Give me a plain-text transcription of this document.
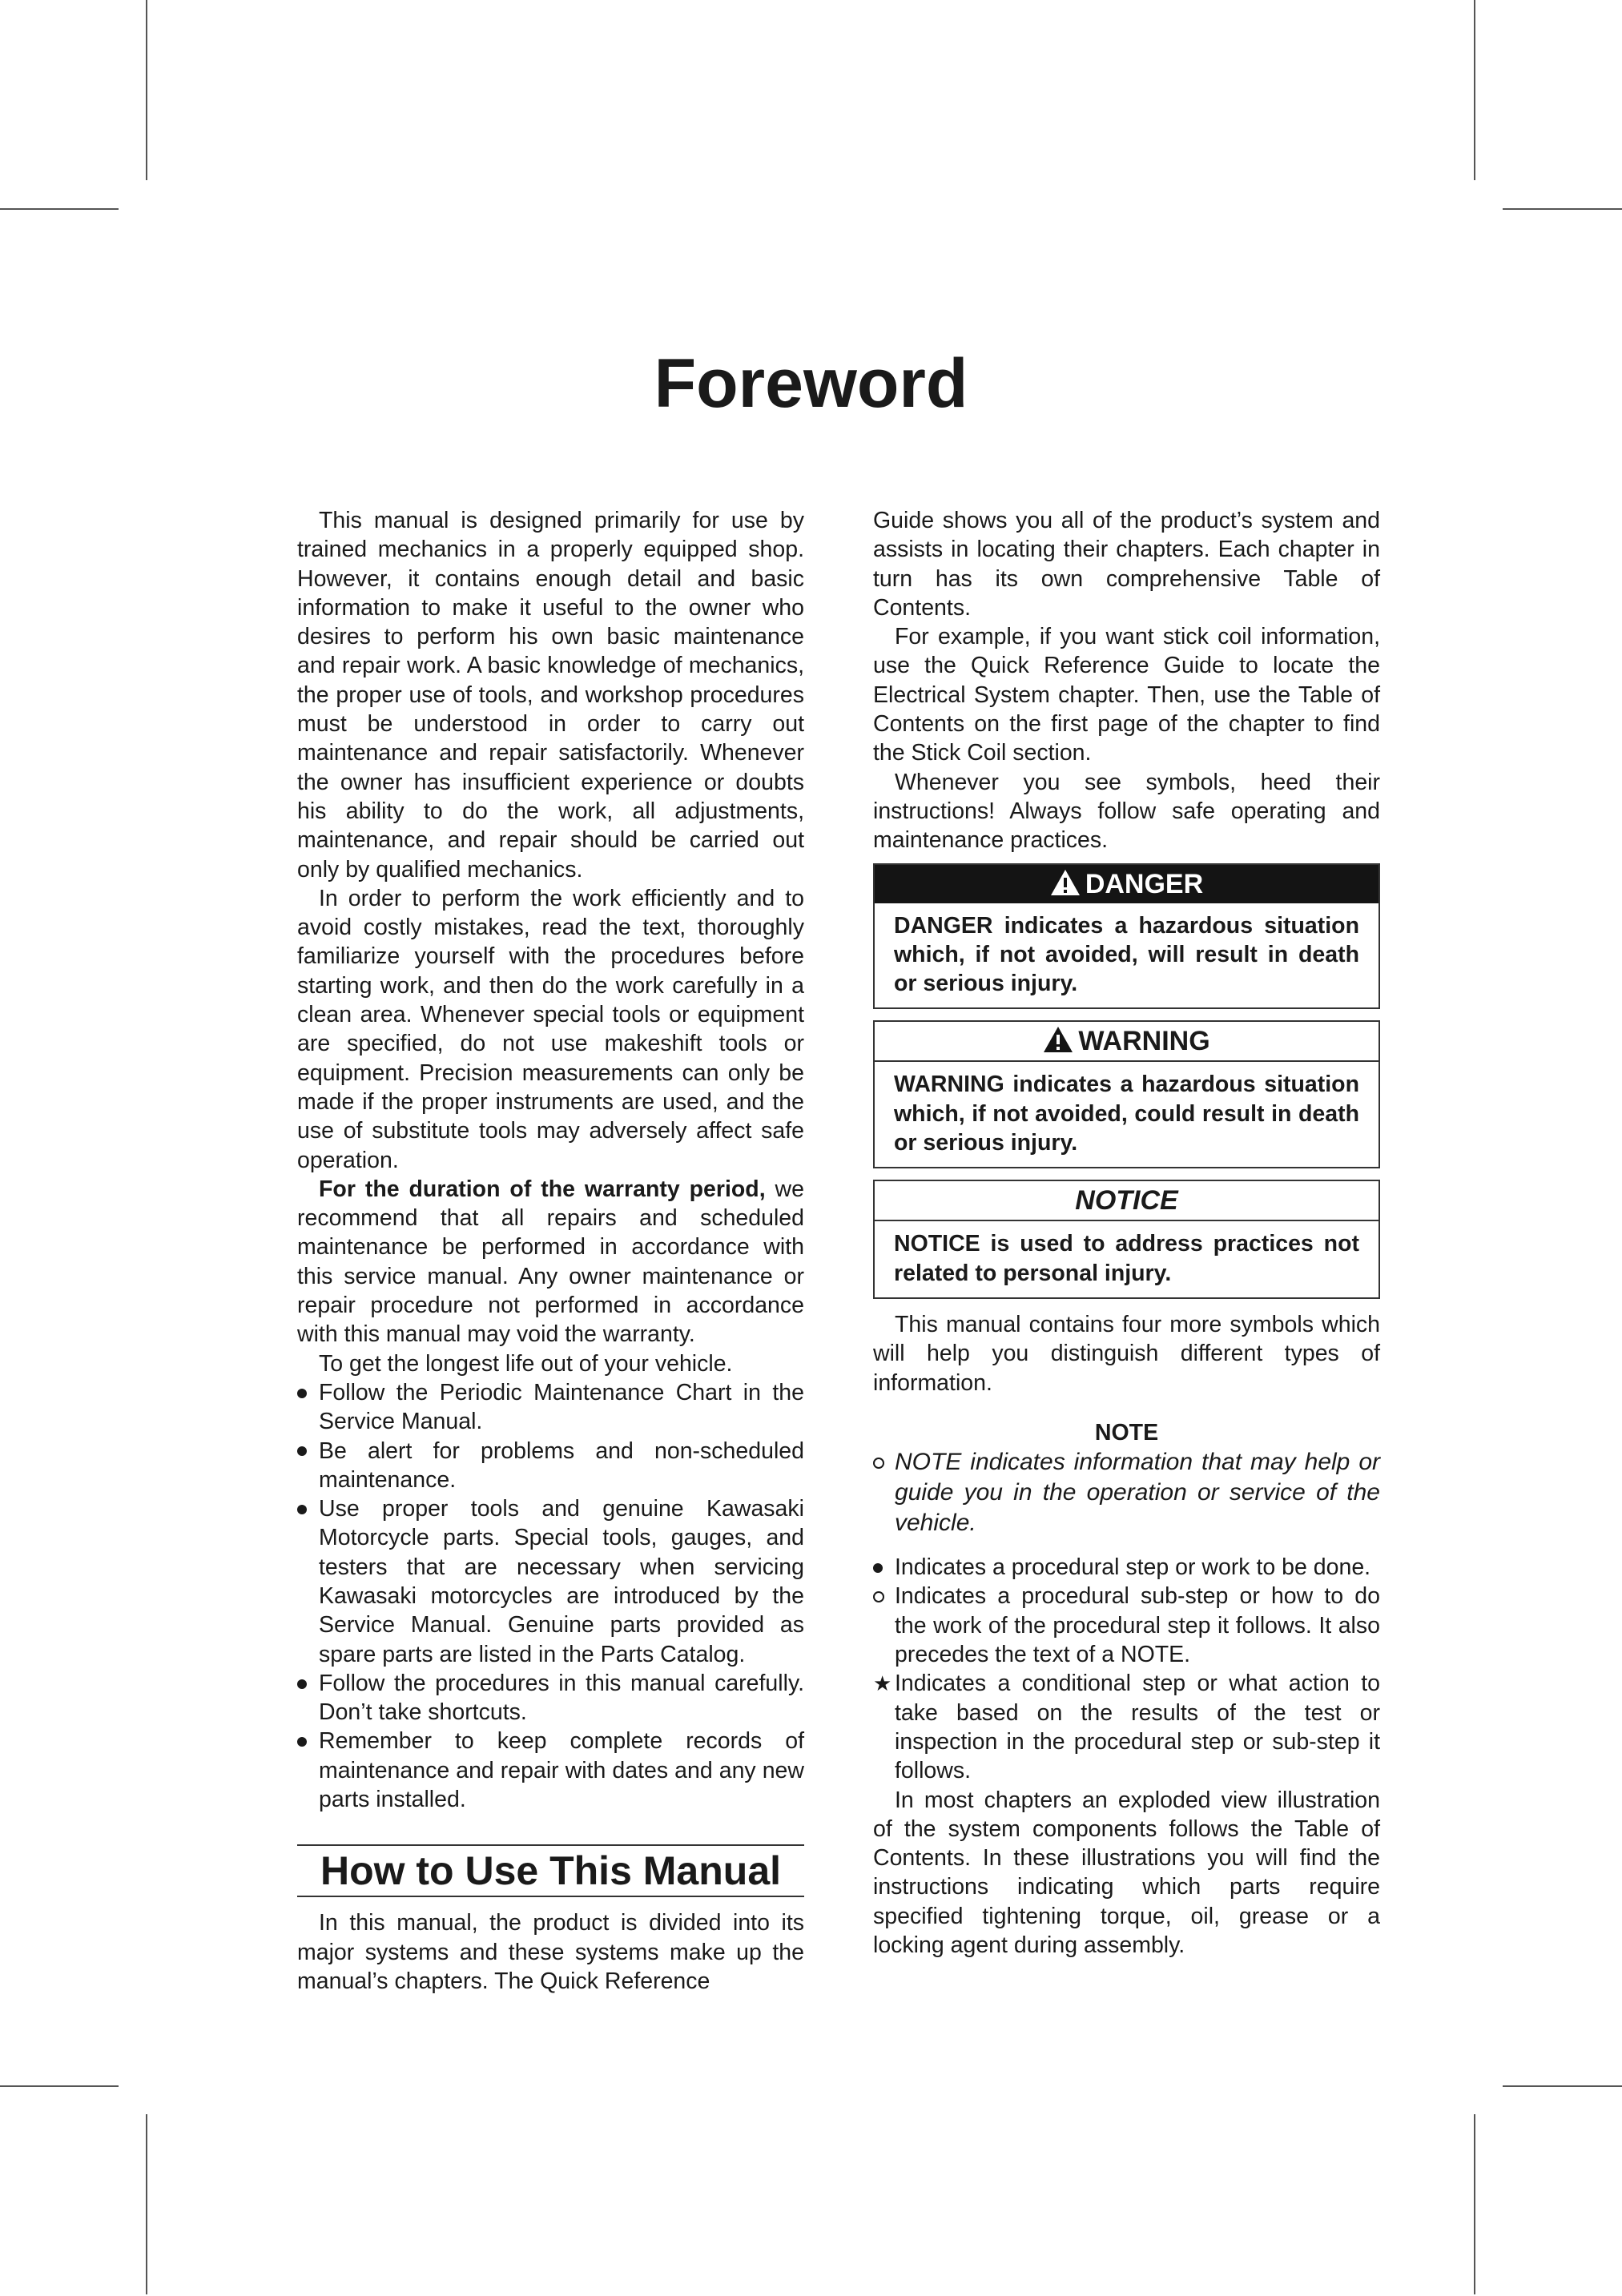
Foreword

This manual is designed primarily for use by trained mechanics in a properly equipped shop. However, it contains enough detail and basic information to make it useful to the owner who desires to perform his own basic maintenance and repair work. A basic knowledge of mechanics, the proper use of tools, and workshop procedures must be understood in order to carry out maintenance and repair satisfactorily. Whenever the owner has insufficient experience or doubts his ability to do the work, all adjustments, maintenance, and repair should be carried out only by qualified mechanics.

In order to perform the work efficiently and to avoid costly mistakes, read the text, thoroughly familiarize yourself with the procedures before starting work, and then do the work carefully in a clean area. Whenever special tools or equipment are specified, do not use makeshift tools or equipment. Precision measurements can only be made if the proper instruments are used, and the use of substitute tools may adversely affect safe operation.

For the duration of the warranty period, we recommend that all repairs and scheduled maintenance be performed in accordance with this service manual. Any owner maintenance or repair procedure not performed in accordance with this manual may void the warranty.

To get the longest life out of your vehicle.

Follow the Periodic Maintenance Chart in the Service Manual.
Be alert for problems and non-scheduled maintenance.
Use proper tools and genuine Kawasaki Motorcycle parts. Special tools, gauges, and testers that are necessary when servicing Kawasaki motorcycles are introduced by the Service Manual. Genuine parts provided as spare parts are listed in the Parts Catalog.
Follow the procedures in this manual carefully. Don’t take shortcuts.
Remember to keep complete records of maintenance and repair with dates and any new parts installed.
How to Use This Manual

In this manual, the product is divided into its major systems and these systems make up the manual’s chapters. The Quick Reference

Guide shows you all of the product’s system and assists in locating their chapters. Each chapter in turn has its own comprehensive Table of Contents.

For example, if you want stick coil information, use the Quick Reference Guide to locate the Electrical System chapter. Then, use the Table of Contents on the first page of the chapter to find the Stick Coil section.

Whenever you see symbols, heed their instructions! Always follow safe operating and maintenance practices.

DANGER
DANGER indicates a hazardous situation which, if not avoided, will result in death or serious injury.
WARNING
WARNING indicates a hazardous situation which, if not avoided, could result in death or serious injury.
NOTICE
NOTICE is used to address practices not related to personal injury.

This manual contains four more symbols which will help you distinguish different types of information.

NOTE
NOTE indicates information that may help or guide you in the operation or service of the vehicle.
Indicates a procedural step or work to be done.
Indicates a procedural sub-step or how to do the work of the procedural step it follows. It also precedes the text of a NOTE.
★ Indicates a conditional step or what action to take based on the results of the test or inspection in the procedural step or sub-step it follows.

In most chapters an exploded view illustration of the system components follows the Table of Contents. In these illustrations you will find the instructions indicating which parts require specified tightening torque, oil, grease or a locking agent during assembly.
